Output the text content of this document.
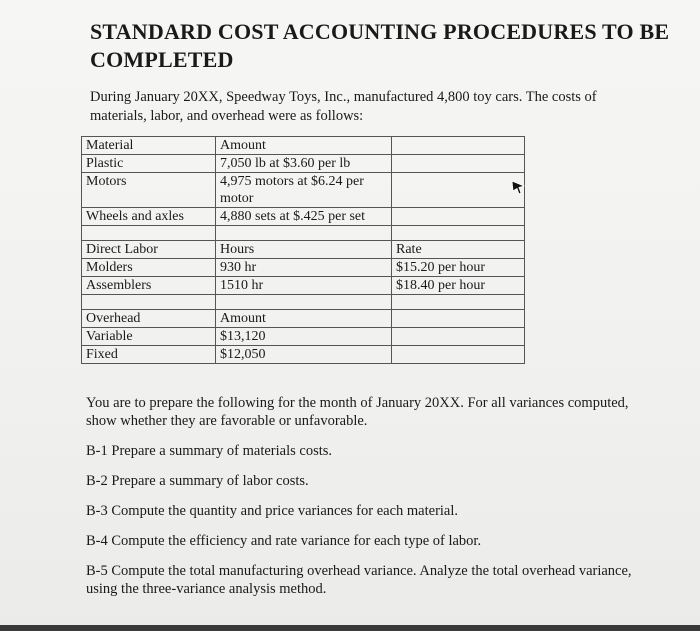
STANDARD COST ACCOUNTING PROCEDURES TO BE COMPLETED
During January 20XX, Speedway Toys, Inc., manufactured 4,800 toy cars. The costs of materials, labor, and overhead were as follows:
Material	Amount	
Plastic	7,050 lb at $3.60 per lb	
Motors	4,975 motors at $6.24 per motor	
Wheels and axles	4,880 sets at $.425 per set	

Direct Labor	Hours	Rate
Molders	930 hr	$15.20 per hour
Assemblers	1510 hr	$18.40 per hour

Overhead	Amount	
Variable	$13,120	
Fixed	$12,050	

You are to prepare the following for the month of January 20XX. For all variances computed, show whether they are favorable or unfavorable.

B-1 Prepare a summary of materials costs.

B-2 Prepare a summary of labor costs.

B-3 Compute the quantity and price variances for each material.

B-4 Compute the efficiency and rate variance for each type of labor.

B-5 Compute the total manufacturing overhead variance. Analyze the total overhead variance, using the three-variance analysis method.
